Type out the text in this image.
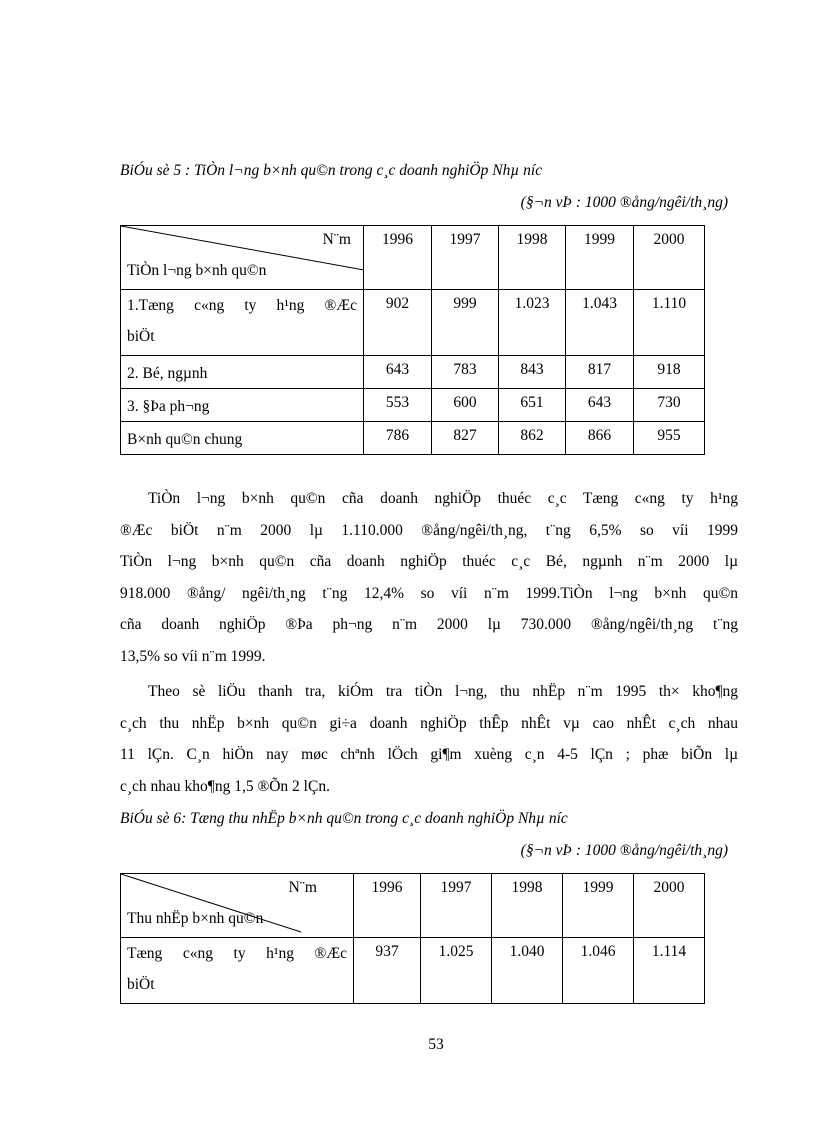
BiÓu sè 5 : TiÒn l¬ng b×nh qu©n trong c¸c doanh nghiÖp Nhµ níc
(§¬n vÞ : 1000 ®ång/ngêi/th¸ng)
N¨m
TiÒn l¬ng b×nh qu©n	1996	1997	1998	1999	2000

1.Tæng c«ng ty h¹ng ®Æc
biÖt	902	999	1.023	1.043	1.110
2. Bé, ngµnh	643	783	843	817	918
3. §Þa ph¬ng	553	600	651	643	730
B×nh qu©n chung	786	827	862	866	955
TiÒn l¬ng b×nh qu©n cña doanh nghiÖp thuéc c¸c Tæng c«ng ty h¹ng
®Æc biÖt n¨m 2000 lµ 1.110.000 ®ång/ngêi/th¸ng, t¨ng 6,5% so víi 1999
TiÒn l¬ng b×nh qu©n cña doanh nghiÖp thuéc c¸c Bé, ngµnh n¨m 2000 lµ
918.000 ®ång/ ngêi/th¸ng t¨ng 12,4% so víi n¨m 1999.TiÒn l¬ng b×nh qu©n
cña doanh nghiÖp ®Þa ph¬ng n¨m 2000 lµ 730.000 ®ång/ngêi/th¸ng t¨ng
13,5% so víi n¨m 1999.
Theo sè liÖu thanh tra, kiÓm tra tiÒn l¬ng, thu nhËp n¨m 1995 th× kho¶ng
c¸ch thu nhËp b×nh qu©n gi÷a doanh nghiÖp thÊp nhÊt vµ cao nhÊt c¸ch nhau
11 lÇn. C¸n hiÖn nay møc chªnh lÖch gi¶m xuèng c¸n 4-5 lÇn ; phæ biÕn lµ
c¸ch nhau kho¶ng 1,5 ®Õn 2 lÇn.
BiÓu sè 6: Tæng thu nhËp b×nh qu©n trong c¸c doanh nghiÖp Nhµ níc
(§¬n vÞ : 1000 ®ång/ngêi/th¸ng)
N¨m
Thu nhËp b×nh qu©n	1996	1997	1998	1999	2000

Tæng c«ng ty h¹ng ®Æc
biÖt	937	1.025	1.040	1.046	1.114
53
